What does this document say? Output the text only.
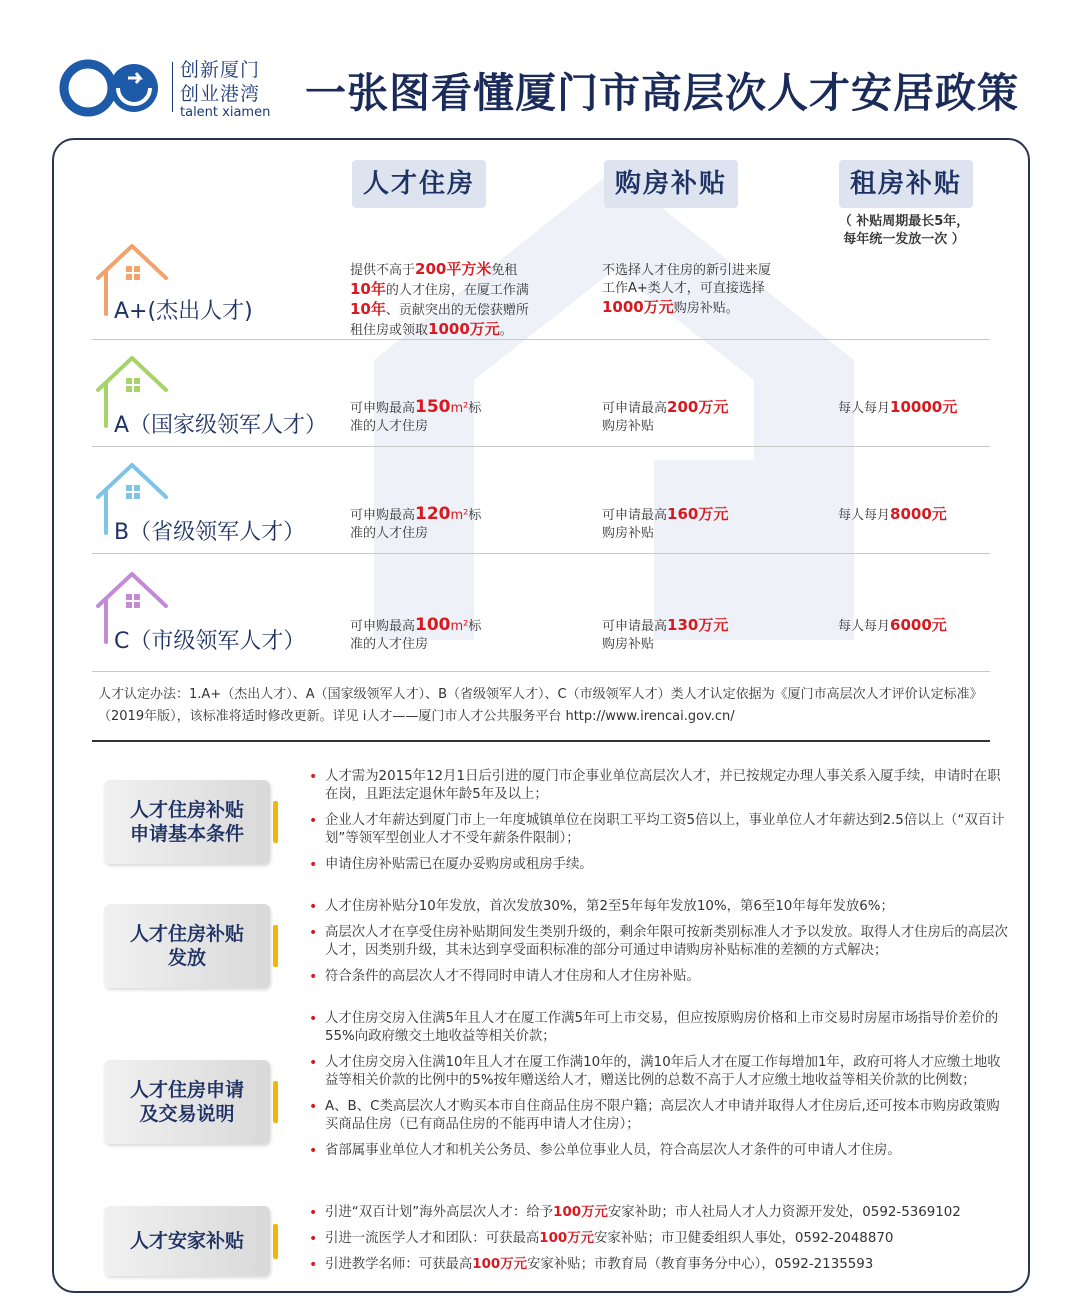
创新厦门
创业港湾
talent xiamen 一张图看懂厦门市高层次人才安居政策
人才住房	购房补贴	租房补贴
（ 补贴周期最长5年，
每年统一发放一次 ）
A+(杰出人才)
提供不高于200平方米免租
10年的人才住房，在厦工作满
10年、贡献突出的无偿获赠所
租住房或领取1000万元。
不选择人才住房的新引进来厦
工作A+类人才，可直接选择
1000万元购房补贴。
A（国家级领军人才）
可申购最高150m²标
准的人才住房
可申请最高200万元
购房补贴
每人每月10000元
B（省级领军人才）
可申购最高120m²标
准的人才住房
可申请最高160万元
购房补贴
每人每月8000元
C（市级领军人才）
可申购最高100m²标
准的人才住房
可申请最高130万元
购房补贴
每人每月6000元
人才认定办法：1.A+（杰出人才）、A（国家级领军人才）、B（省级领军人才）、C（市级领军人才）类人才认定依据为《厦门市高层次人才评价认定标准》（2019年版），该标准将适时修改更新。详见 i人才——厦门市人才公共服务平台 http://www.irencai.gov.cn/
人才住房补贴
申请基本条件
• 人才需为2015年12月1日后引进的厦门市企事业单位高层次人才，并已按规定办理人事关系入厦手续，申请时在职在岗，且距法定退休年龄5年及以上；
• 企业人才年薪达到厦门市上一年度城镇单位在岗职工平均工资5倍以上，事业单位人才年薪达到2.5倍以上（“双百计划”等领军型创业人才不受年薪条件限制）；
• 申请住房补贴需已在厦办妥购房或租房手续。
人才住房补贴
发放
• 人才住房补贴分10年发放，首次发放30%，第2至5年每年发放10%，第6至10年每年发放6%；
• 高层次人才在享受住房补贴期间发生类别升级的，剩余年限可按新类别标准人才予以发放。取得人才住房后的高层次人才，因类别升级，其未达到享受面积标准的部分可通过申请购房补贴标准的差额的方式解决；
• 符合条件的高层次人才不得同时申请人才住房和人才住房补贴。
人才住房申请
及交易说明
• 人才住房交房入住满5年且人才在厦工作满5年可上市交易，但应按原购房价格和上市交易时房屋市场指导价差价的55%向政府缴交土地收益等相关价款；
• 人才住房交房入住满10年且人才在厦工作满10年的，满10年后人才在厦工作每增加1年，政府可将人才应缴土地收益等相关价款的比例中的5%按年赠送给人才，赠送比例的总数不高于人才应缴土地收益等相关价款的比例数；
• A、B、C类高层次人才购买本市自住商品住房不限户籍；高层次人才申请并取得人才住房后,还可按本市购房政策购买商品住房（已有商品住房的不能再申请人才住房）；
• 省部属事业单位人才和机关公务员、参公单位事业人员，符合高层次人才条件的可申请人才住房。
人才安家补贴
• 引进“双百计划”海外高层次人才：给予100万元安家补助；市人社局人才人力资源开发处，0592-5369102
• 引进一流医学人才和团队：可获最高100万元安家补贴；市卫健委组织人事处，0592-2048870
• 引进教学名师：可获最高100万元安家补贴；市教育局（教育事务分中心），0592-2135593
